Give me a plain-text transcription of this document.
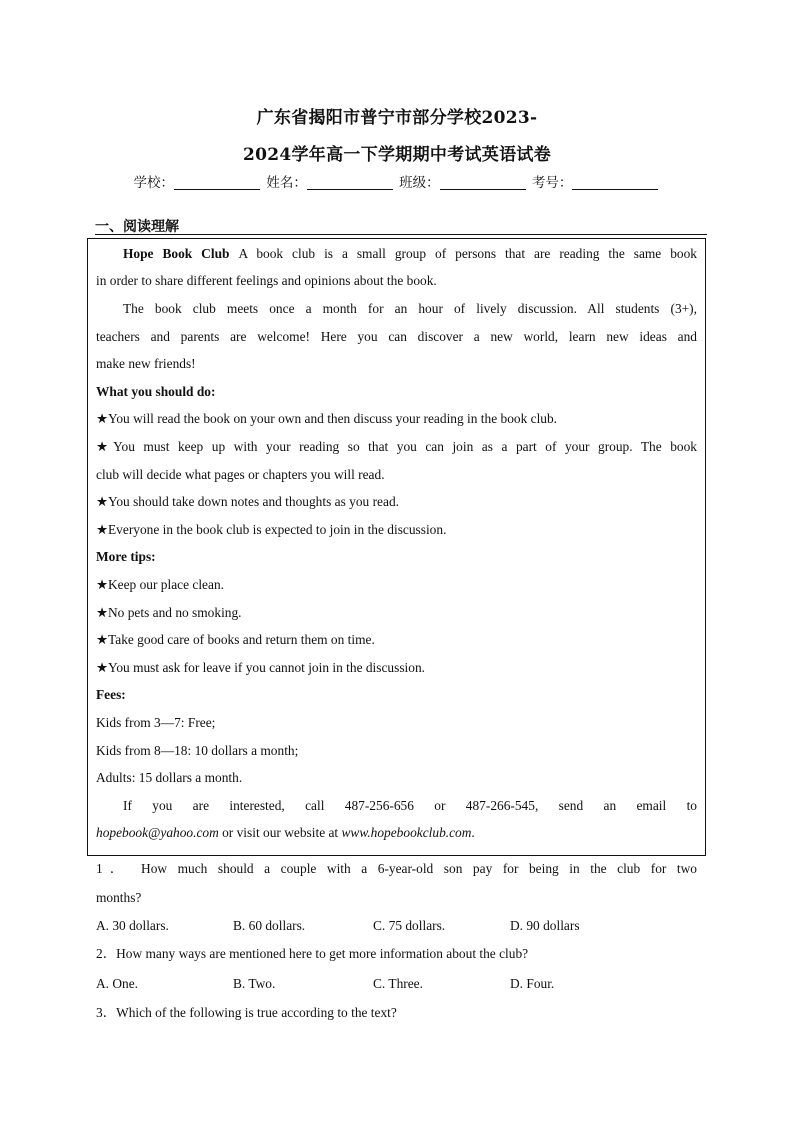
广东省揭阳市普宁市部分学校2023-
2024学年高一下学期期中考试英语试卷
学校：	姓名：	班级：	考号：
一、阅读理解
Hope Book Club A book club is a small group of persons that are reading the same book
in order to share different feelings and opinions about the book.
The book club meets once a month for an hour of lively discussion. All students (3+),
teachers and parents are welcome! Here you can discover a new world, learn new ideas and
make new friends!
What you should do:
★You will read the book on your own and then discuss your reading in the book club.
★You must keep up with your reading so that you can join as a part of your group. The book
club will decide what pages or chapters you will read.
★You should take down notes and thoughts as you read.
★Everyone in the book club is expected to join in the discussion.
More tips:
★Keep our place clean.
★No pets and no smoking.
★Take good care of books and return them on time.
★You must ask for leave if you cannot join in the discussion.
Fees:
Kids from 3—7: Free;
Kids from 8—18: 10 dollars a month;
Adults: 15 dollars a month.
If you are interested, call 487-256-656 or 487-266-545, send an email to
hopebook@yahoo.com or visit our website at www.hopebookclub.com.
1． How much should a couple with a 6-year-old son pay for being in the club for two
months?
A. 30 dollars.	B. 60 dollars.	C. 75 dollars.	D. 90 dollars
2．How many ways are mentioned here to get more information about the club?
A. One.	B. Two.	C. Three.	D. Four.
3．Which of the following is true according to the text?
